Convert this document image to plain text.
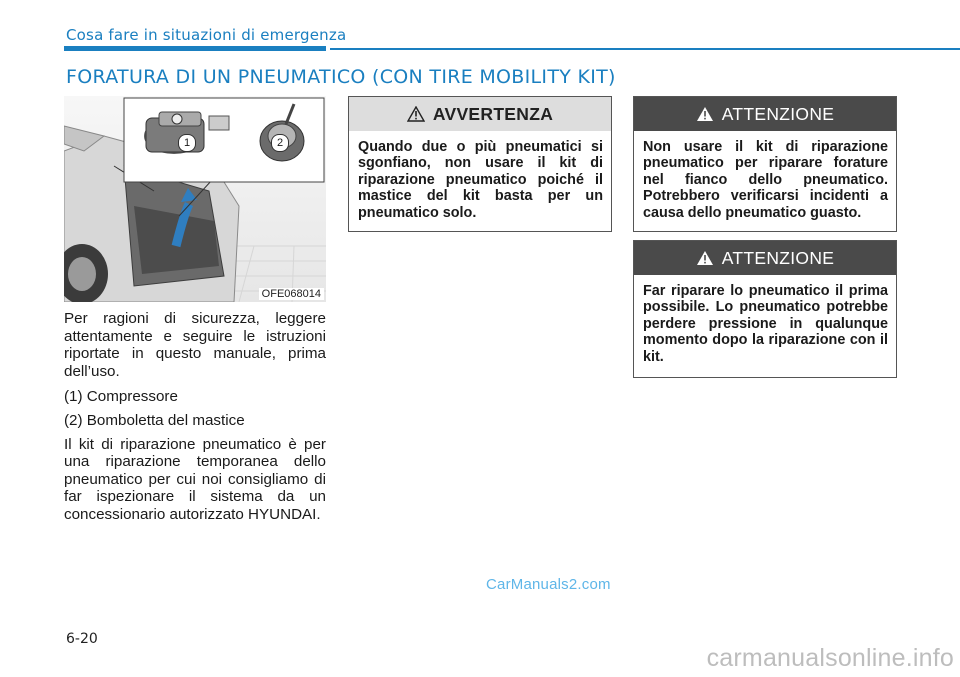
Cosa fare in situazioni di emergenza
FORATURA DI UN PNEUMATICO (CON TIRE MOBILITY KIT)
1	2
OFE068014

Per ragioni di sicurezza, leggere attentamente e seguire le istruzioni riportate in questo manuale, prima dell’uso.

(1) Compressore

(2) Bomboletta del mastice

Il kit di riparazione pneumatico è per una riparazione temporanea dello pneumatico per cui noi consigliamo di far ispezionare il sistema da un concessionario autorizzato HYUNDAI.

AVVERTENZA
Quando due o più pneumatici si sgonfiano, non usare il kit di riparazione pneumatico poiché il mastice del kit basta per un pneumatico solo.
ATTENZIONE
Non usare il kit di riparazione pneumatico per riparare forature nel fianco dello pneumatico. Potrebbero verificarsi incidenti a causa dello pneumatico guasto.
ATTENZIONE
Far riparare lo pneumatico il prima possibile. Lo pneumatico potrebbe perdere pressione in qualunque momento dopo la riparazione con il kit.
CarManuals2.com
6-20
carmanualsonline.info
